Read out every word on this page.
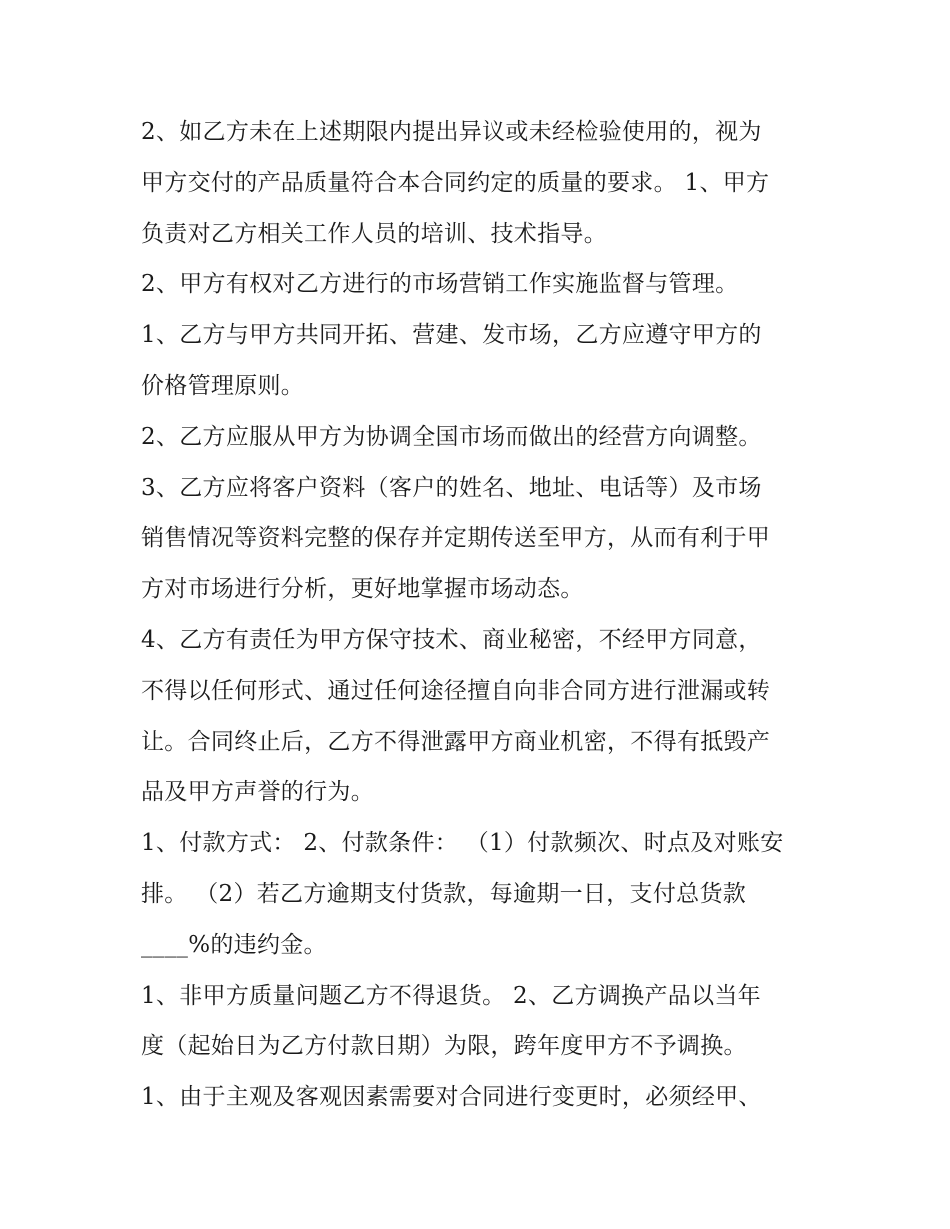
2、如乙方未在上述期限内提出异议或未经检验使用的，视为
甲方交付的产品质量符合本合同约定的质量的要求。 1、甲方
负责对乙方相关工作人员的培训、技术指导。
2、甲方有权对乙方进行的市场营销工作实施监督与管理。
1、乙方与甲方共同开拓、营建、发市场，乙方应遵守甲方的
价格管理原则。
2、乙方应服从甲方为协调全国市场而做出的经营方向调整。
3、乙方应将客户资料（客户的姓名、地址、电话等）及市场
销售情况等资料完整的保存并定期传送至甲方，从而有利于甲
方对市场进行分析，更好地掌握市场动态。
4、乙方有责任为甲方保守技术、商业秘密，不经甲方同意，
不得以任何形式、通过任何途径擅自向非合同方进行泄漏或转
让。合同终止后，乙方不得泄露甲方商业机密，不得有抵毁产
品及甲方声誉的行为。
1、付款方式： 2、付款条件： （1）付款频次、时点及对账安
排。 （2）若乙方逾期支付货款，每逾期一日，支付总货款
____%的违约金。
1、非甲方质量问题乙方不得退货。 2、乙方调换产品以当年
度（起始日为乙方付款日期）为限，跨年度甲方不予调换。
1、由于主观及客观因素需要对合同进行变更时，必须经甲、
